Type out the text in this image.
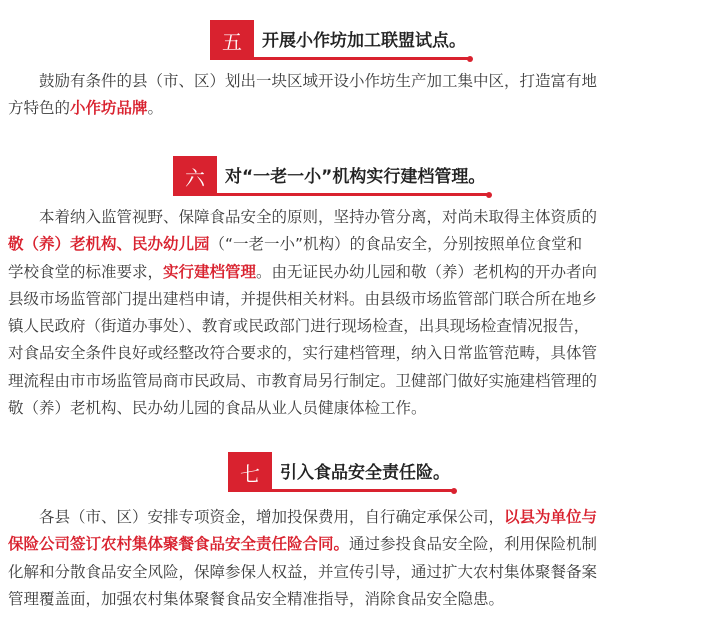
五	开展小作坊加工联盟试点。
鼓励有条件的县（市、区）划出一块区域开设小作坊生产加工集中区，打造富有地
方特色的小作坊品牌。
六	对“一老一小”机构实行建档管理。
本着纳入监管视野、保障食品安全的原则，坚持办管分离，对尚未取得主体资质的
敬（养）老机构、民办幼儿园（“一老一小”机构）的食品安全，分别按照单位食堂和
学校食堂的标准要求，实行建档管理。由无证民办幼儿园和敬（养）老机构的开办者向
县级市场监管部门提出建档申请，并提供相关材料。由县级市场监管部门联合所在地乡
镇人民政府（街道办事处）、教育或民政部门进行现场检查，出具现场检查情况报告，
对食品安全条件良好或经整改符合要求的，实行建档管理，纳入日常监管范畴，具体管
理流程由市市场监管局商市民政局、市教育局另行制定。卫健部门做好实施建档管理的
敬（养）老机构、民办幼儿园的食品从业人员健康体检工作。
七	引入食品安全责任险。
各县（市、区）安排专项资金，增加投保费用，自行确定承保公司，以县为单位与
保险公司签订农村集体聚餐食品安全责任险合同。通过参投食品安全险，利用保险机制
化解和分散食品安全风险，保障参保人权益，并宣传引导，通过扩大农村集体聚餐备案
管理覆盖面，加强农村集体聚餐食品安全精准指导，消除食品安全隐患。
